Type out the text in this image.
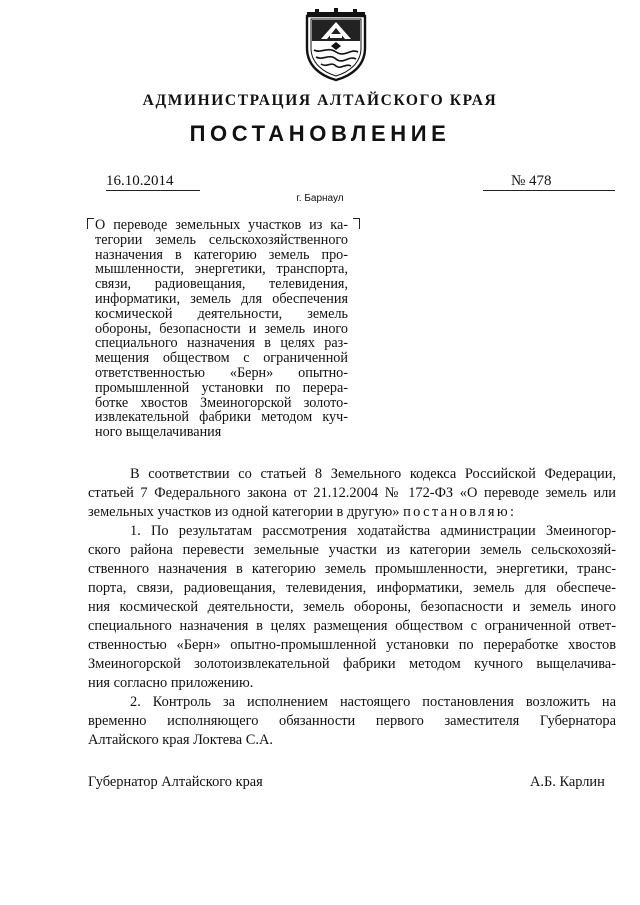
АДМИНИСТРАЦИЯ АЛТАЙСКОГО КРАЯ
ПОСТАНОВЛЕНИЕ
16.10.2014	№ 478
г. Барнаул

О переводе земельных участков из ка-
тегории земель сельскохозяйственного
назначения в категорию земель про-
мышленности, энергетики, транспорта,
связи, радиовещания, телевидения,
информатики, земель для обеспечения
космической деятельности, земель
обороны, безопасности и земель иного
специального назначения в целях раз-
мещения обществом с ограниченной
ответственностью «Берн» опытно-
промышленной установки по перера-
ботке хвостов Змеиногорской золото-
извлекательной фабрики методом куч-
ного выщелачивания

В соответствии со статьей 8 Земельного кодекса Российской Федерации,
статьей 7 Федерального закона от 21.12.2004 № 172-ФЗ «О переводе земель или
земельных участков из одной категории в другую» постановляю:
1. По результатам рассмотрения ходатайства администрации Змеиногор-
ского района перевести земельные участки из категории земель сельскохозяй-
ственного назначения в категорию земель промышленности, энергетики, транс-
порта, связи, радиовещания, телевидения, информатики, земель для обеспече-
ния космической деятельности, земель обороны, безопасности и земель иного
специального назначения в целях размещения обществом с ограниченной ответ-
ственностью «Берн» опытно-промышленной установки по переработке хвостов
Змеиногорской золотоизвлекательной фабрики методом кучного выщелачива-
ния согласно приложению.
2. Контроль за исполнением настоящего постановления возложить на
временно исполняющего обязанности первого заместителя Губернатора
Алтайского края Локтева С.А.
Губернатор Алтайского края	А.Б. Карлин
